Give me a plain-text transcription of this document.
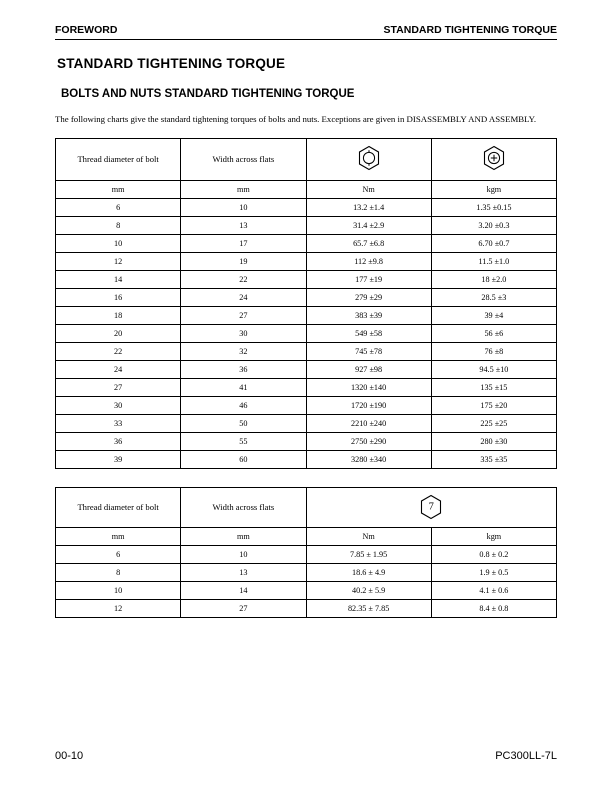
FOREWORD	STANDARD TIGHTENING TORQUE
STANDARD TIGHTENING TORQUE
BOLTS AND NUTS STANDARD TIGHTENING TORQUE

The following charts give the standard tightening torques of bolts and nuts. Exceptions are given in DISASSEMBLY AND ASSEMBLY.

Thread diameter of bolt	Width across flats		
mm	mm	Nm	kgm
6	10	13.2 ±1.4	1.35 ±0.15
8	13	31.4 ±2.9	3.20 ±0.3
10	17	65.7 ±6.8	6.70 ±0.7
12	19	112 ±9.8	11.5 ±1.0
14	22	177 ±19	18 ±2.0
16	24	279 ±29	28.5 ±3
18	27	383 ±39	39 ±4
20	30	549 ±58	56 ±6
22	32	745 ±78	76 ±8
24	36	927 ±98	94.5 ±10
27	41	1320 ±140	135 ±15
30	46	1720 ±190	175 ±20
33	50	2210 ±240	225 ±25
36	55	2750 ±290	280 ±30
39	60	3280 ±340	335 ±35
Thread diameter of bolt	Width across flats	7	

mm	mm	Nm	kgm
6	10	7.85 ± 1.95	0.8 ± 0.2
8	13	18.6 ± 4.9	1.9 ± 0.5
10	14	40.2 ± 5.9	4.1 ± 0.6
12	27	82.35 ± 7.85	8.4 ± 0.8
00-10	PC300LL-7L
